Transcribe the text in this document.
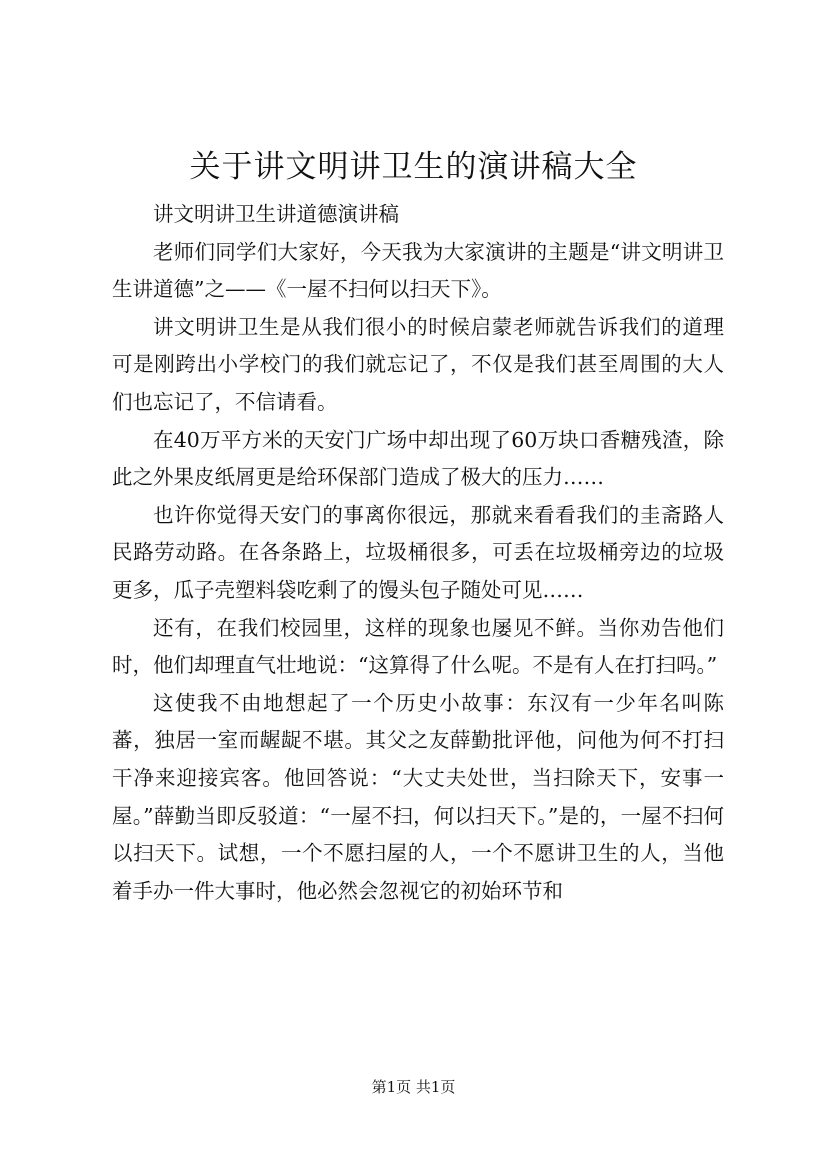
关于讲文明讲卫生的演讲稿大全

讲文明讲卫生讲道德演讲稿

老师们同学们大家好，今天我为大家演讲的主题是“讲文明讲卫生讲道德”之——《一屋不扫何以扫天下》。

讲文明讲卫生是从我们很小的时候启蒙老师就告诉我们的道理可是刚跨出小学校门的我们就忘记了，不仅是我们甚至周围的大人们也忘记了，不信请看。

在40万平方米的天安门广场中却出现了60万块口香糖残渣，除此之外果皮纸屑更是给环保部门造成了极大的压力……

也许你觉得天安门的事离你很远，那就来看看我们的圭斋路人民路劳动路。在各条路上，垃圾桶很多，可丢在垃圾桶旁边的垃圾更多，瓜子壳塑料袋吃剩了的馒头包子随处可见……

还有，在我们校园里，这样的现象也屡见不鲜。当你劝告他们时，他们却理直气壮地说：“这算得了什么呢。不是有人在打扫吗。”

这使我不由地想起了一个历史小故事：东汉有一少年名叫陈蕃，独居一室而龌龊不堪。其父之友薛勤批评他，问他为何不打扫干净来迎接宾客。他回答说：“大丈夫处世，当扫除天下，安事一屋。”薛勤当即反驳道：“一屋不扫，何以扫天下。”是的，一屋不扫何以扫天下。试想，一个不愿扫屋的人，一个不愿讲卫生的人，当他着手办一件大事时，他必然会忽视它的初始环节和

第1页 共1页
